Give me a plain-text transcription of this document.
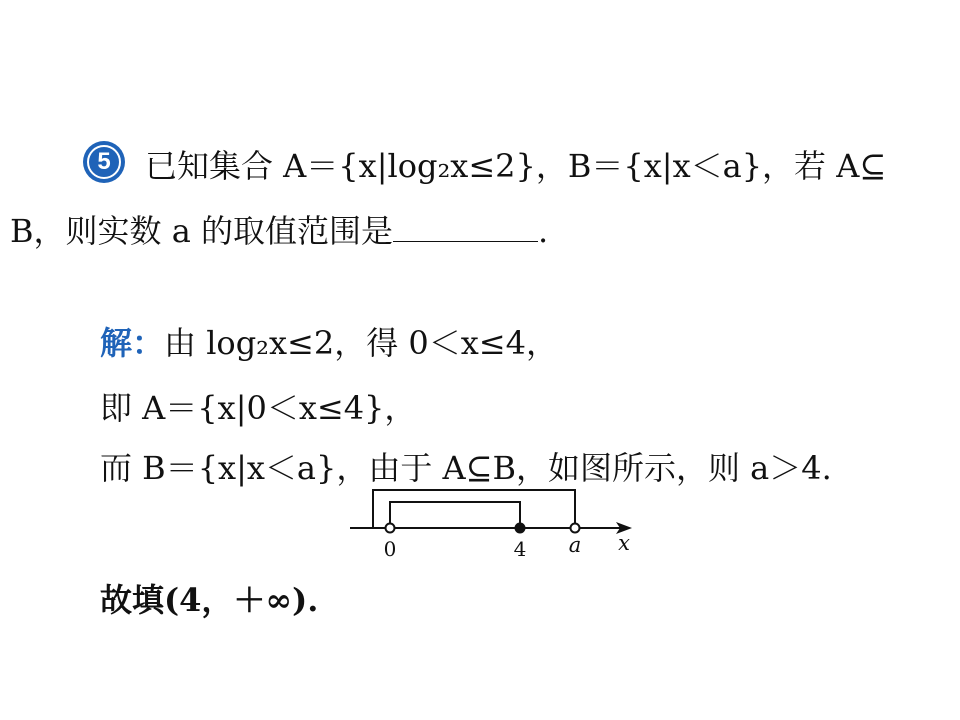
5	已知集合 A＝{x|log₂x≤2}，B＝{x|x＜a}，若 A⊆
B，则实数 a 的取值范围是	.
解：由 log₂x≤2，得 0＜x≤4，
即 A＝{x|0＜x≤4}，
而 B＝{x|x＜a}，由于 A⊆B，如图所示，则 a＞4.
0	4 a x
故填(4，＋∞).
